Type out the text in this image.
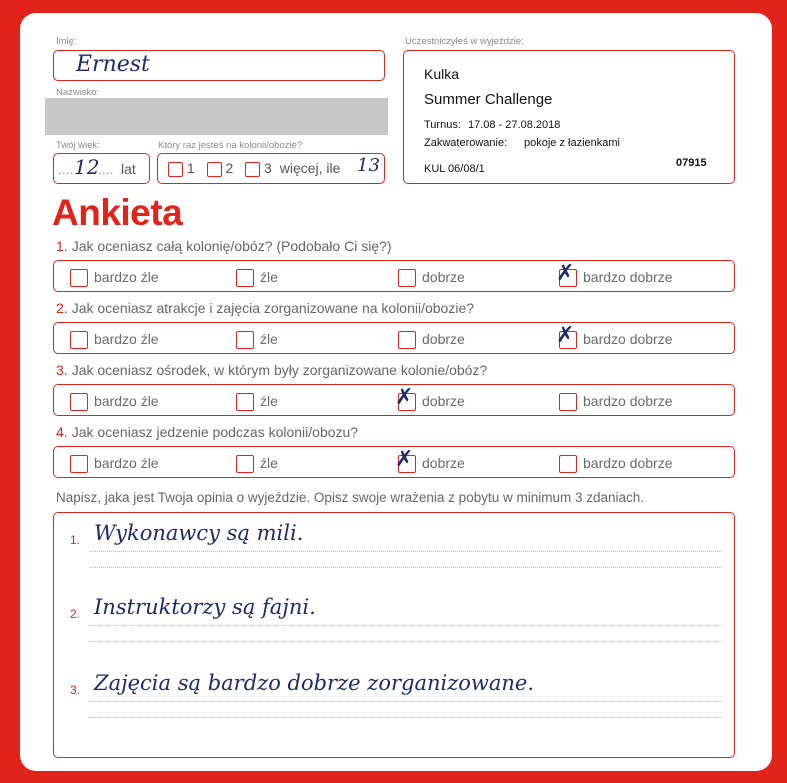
Imię:
Ernest
Nazwisko:
Twój wiek:
.... 12
.... lat
Który raz jesteś na kolonii/obozie?
1 2 3 więcej, ile 13
Uczestniczyłeś w wyjeździe:
Kulka
Summer Challenge
Turnus: 17.08 - 27.08.2018
Zakwaterowanie: pokoje z łazienkami
KUL 06/08/1	07915
Ankieta
1. Jak oceniasz całą kolonię/obóz? (Podobało Ci się?)
bardzo źle	źle	dobrze	✗ bardzo dobrze
2. Jak oceniasz atrakcje i zajęcia zorganizowane na kolonii/obozie?
bardzo źle	źle	dobrze	✗ bardzo dobrze
3. Jak oceniasz ośrodek, w którym były zorganizowane kolonie/obóz?
bardzo źle	źle	✗ dobrze	bardzo dobrze
4. Jak oceniasz jedzenie podczas kolonii/obozu?
bardzo źle	źle	✗ dobrze	bardzo dobrze
Napisz, jaka jest Twoja opinia o wyjeździe. Opisz swoje wrażenia z pobytu w minimum 3 zdaniach.
1. Wykonawcy są mili.
2. Instruktorzy są fajni.
3. Zajęcia są bardzo dobrze zorganizowane.
